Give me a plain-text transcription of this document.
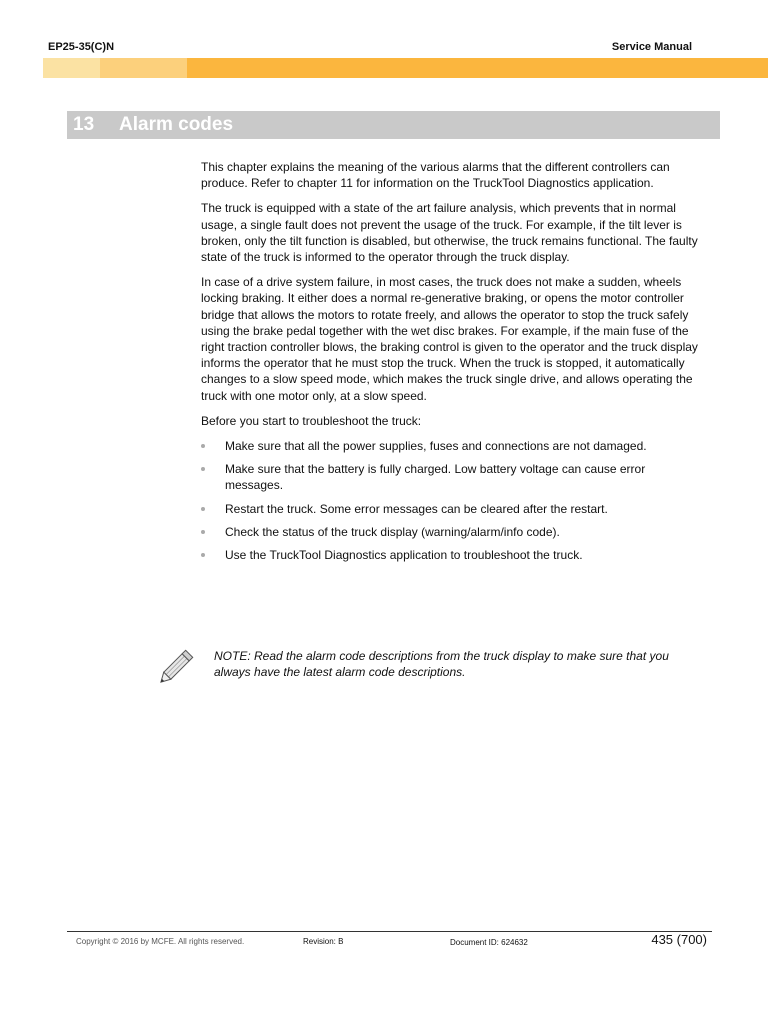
EP25-35(C)N	Service Manual
13 Alarm codes

This chapter explains the meaning of the various alarms that the different controllers can produce. Refer to chapter 11 for information on the TruckTool Diagnostics application.

The truck is equipped with a state of the art failure analysis, which prevents that in normal usage, a single fault does not prevent the usage of the truck. For example, if the tilt lever is broken, only the tilt function is disabled, but otherwise, the truck remains functional. The faulty state of the truck is informed to the operator through the truck display.

In case of a drive system failure, in most cases, the truck does not make a sudden, wheels locking braking. It either does a normal re-generative braking, or opens the motor controller bridge that allows the motors to rotate freely, and allows the operator to stop the truck safely using the brake pedal together with the wet disc brakes. For example, if the main fuse of the right traction controller blows, the braking control is given to the operator and the truck display informs the operator that he must stop the truck. When the truck is stopped, it automatically changes to a slow speed mode, which makes the truck single drive, and allows operating the truck with one motor only, at a slow speed.

Before you start to troubleshoot the truck:

Make sure that all the power supplies, fuses and connections are not damaged.
Make sure that the battery is fully charged. Low battery voltage can cause error messages.
Restart the truck. Some error messages can be cleared after the restart.
Check the status of the truck display (warning/alarm/info code).
Use the TruckTool Diagnostics application to troubleshoot the truck.
NOTE: Read the alarm code descriptions from the truck display to make sure that you always have the latest alarm code descriptions.
Copyright © 2016 by MCFE. All rights reserved.	Revision: B	Document ID: 624632	435 (700)
